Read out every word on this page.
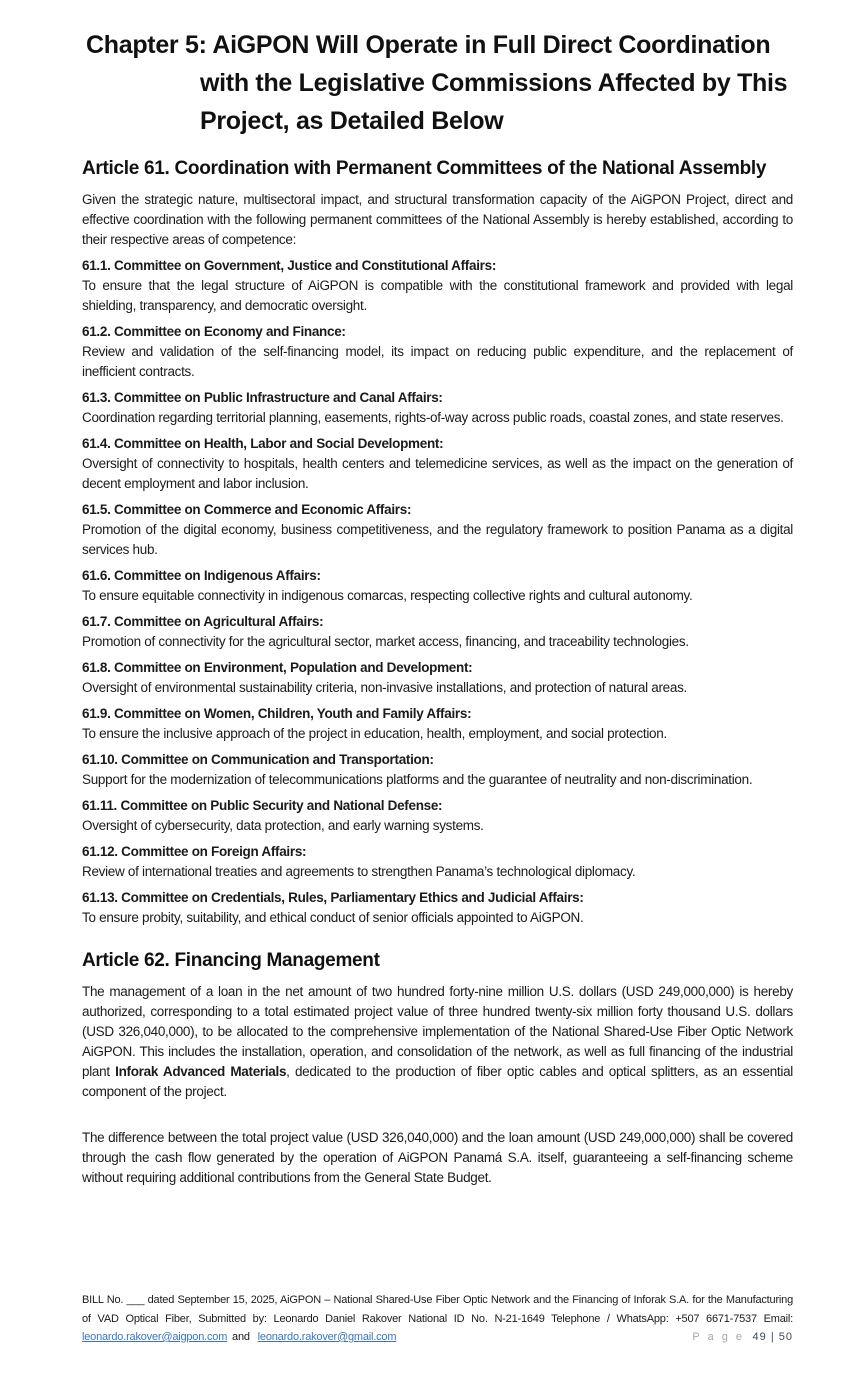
Chapter 5: AiGPON Will Operate in Full Direct Coordination
with the Legislative Commissions Affected by This
Project, as Detailed Below
Article 61. Coordination with Permanent Committees of the National Assembly

Given the strategic nature, multisectoral impact, and structural transformation capacity of the AiGPON Project, direct and effective coordination with the following permanent committees of the National Assembly is hereby established, according to their respective areas of competence:

61.1. Committee on Government, Justice and Constitutional Affairs:

To ensure that the legal structure of AiGPON is compatible with the constitutional framework and provided with legal shielding, transparency, and democratic oversight.

61.2. Committee on Economy and Finance:

Review and validation of the self-financing model, its impact on reducing public expenditure, and the replacement of inefficient contracts.

61.3. Committee on Public Infrastructure and Canal Affairs:

Coordination regarding territorial planning, easements, rights-of-way across public roads, coastal zones, and state reserves.

61.4. Committee on Health, Labor and Social Development:

Oversight of connectivity to hospitals, health centers and telemedicine services, as well as the impact on the generation of decent employment and labor inclusion.

61.5. Committee on Commerce and Economic Affairs:

Promotion of the digital economy, business competitiveness, and the regulatory framework to position Panama as a digital services hub.

61.6. Committee on Indigenous Affairs:

To ensure equitable connectivity in indigenous comarcas, respecting collective rights and cultural autonomy.

61.7. Committee on Agricultural Affairs:

Promotion of connectivity for the agricultural sector, market access, financing, and traceability technologies.

61.8. Committee on Environment, Population and Development:

Oversight of environmental sustainability criteria, non-invasive installations, and protection of natural areas.

61.9. Committee on Women, Children, Youth and Family Affairs:

To ensure the inclusive approach of the project in education, health, employment, and social protection.

61.10. Committee on Communication and Transportation:

Support for the modernization of telecommunications platforms and the guarantee of neutrality and non-discrimination.

61.11. Committee on Public Security and National Defense:

Oversight of cybersecurity, data protection, and early warning systems.

61.12. Committee on Foreign Affairs:

Review of international treaties and agreements to strengthen Panama’s technological diplomacy.

61.13. Committee on Credentials, Rules, Parliamentary Ethics and Judicial Affairs:

To ensure probity, suitability, and ethical conduct of senior officials appointed to AiGPON.

Article 62. Financing Management

The management of a loan in the net amount of two hundred forty-nine million U.S. dollars (USD 249,000,000) is hereby authorized, corresponding to a total estimated project value of three hundred twenty-six million forty thousand U.S. dollars (USD 326,040,000), to be allocated to the comprehensive implementation of the National Shared-Use Fiber Optic Network AiGPON. This includes the installation, operation, and consolidation of the network, as well as full financing of the industrial plant Inforak Advanced Materials, dedicated to the production of fiber optic cables and optical splitters, as an essential component of the project.

The difference between the total project value (USD 326,040,000) and the loan amount (USD 249,000,000) shall be covered through the cash flow generated by the operation of AiGPON Panamá S.A. itself, guaranteeing a self-financing scheme without requiring additional contributions from the General State Budget.

BILL No. ___ dated September 15, 2025, AiGPON – National Shared-Use Fiber Optic Network and the Financing of Inforak S.A. for the Manufacturing
of VAD Optical Fiber, Submitted by: Leonardo Daniel Rakover National ID No. N-21-1649 Telephone / WhatsApp: +507 6671-7537 Email:
leonardo.rakover@aigpon.com and leonardo.rakover@gmail.com	P a g e 49 | 50
